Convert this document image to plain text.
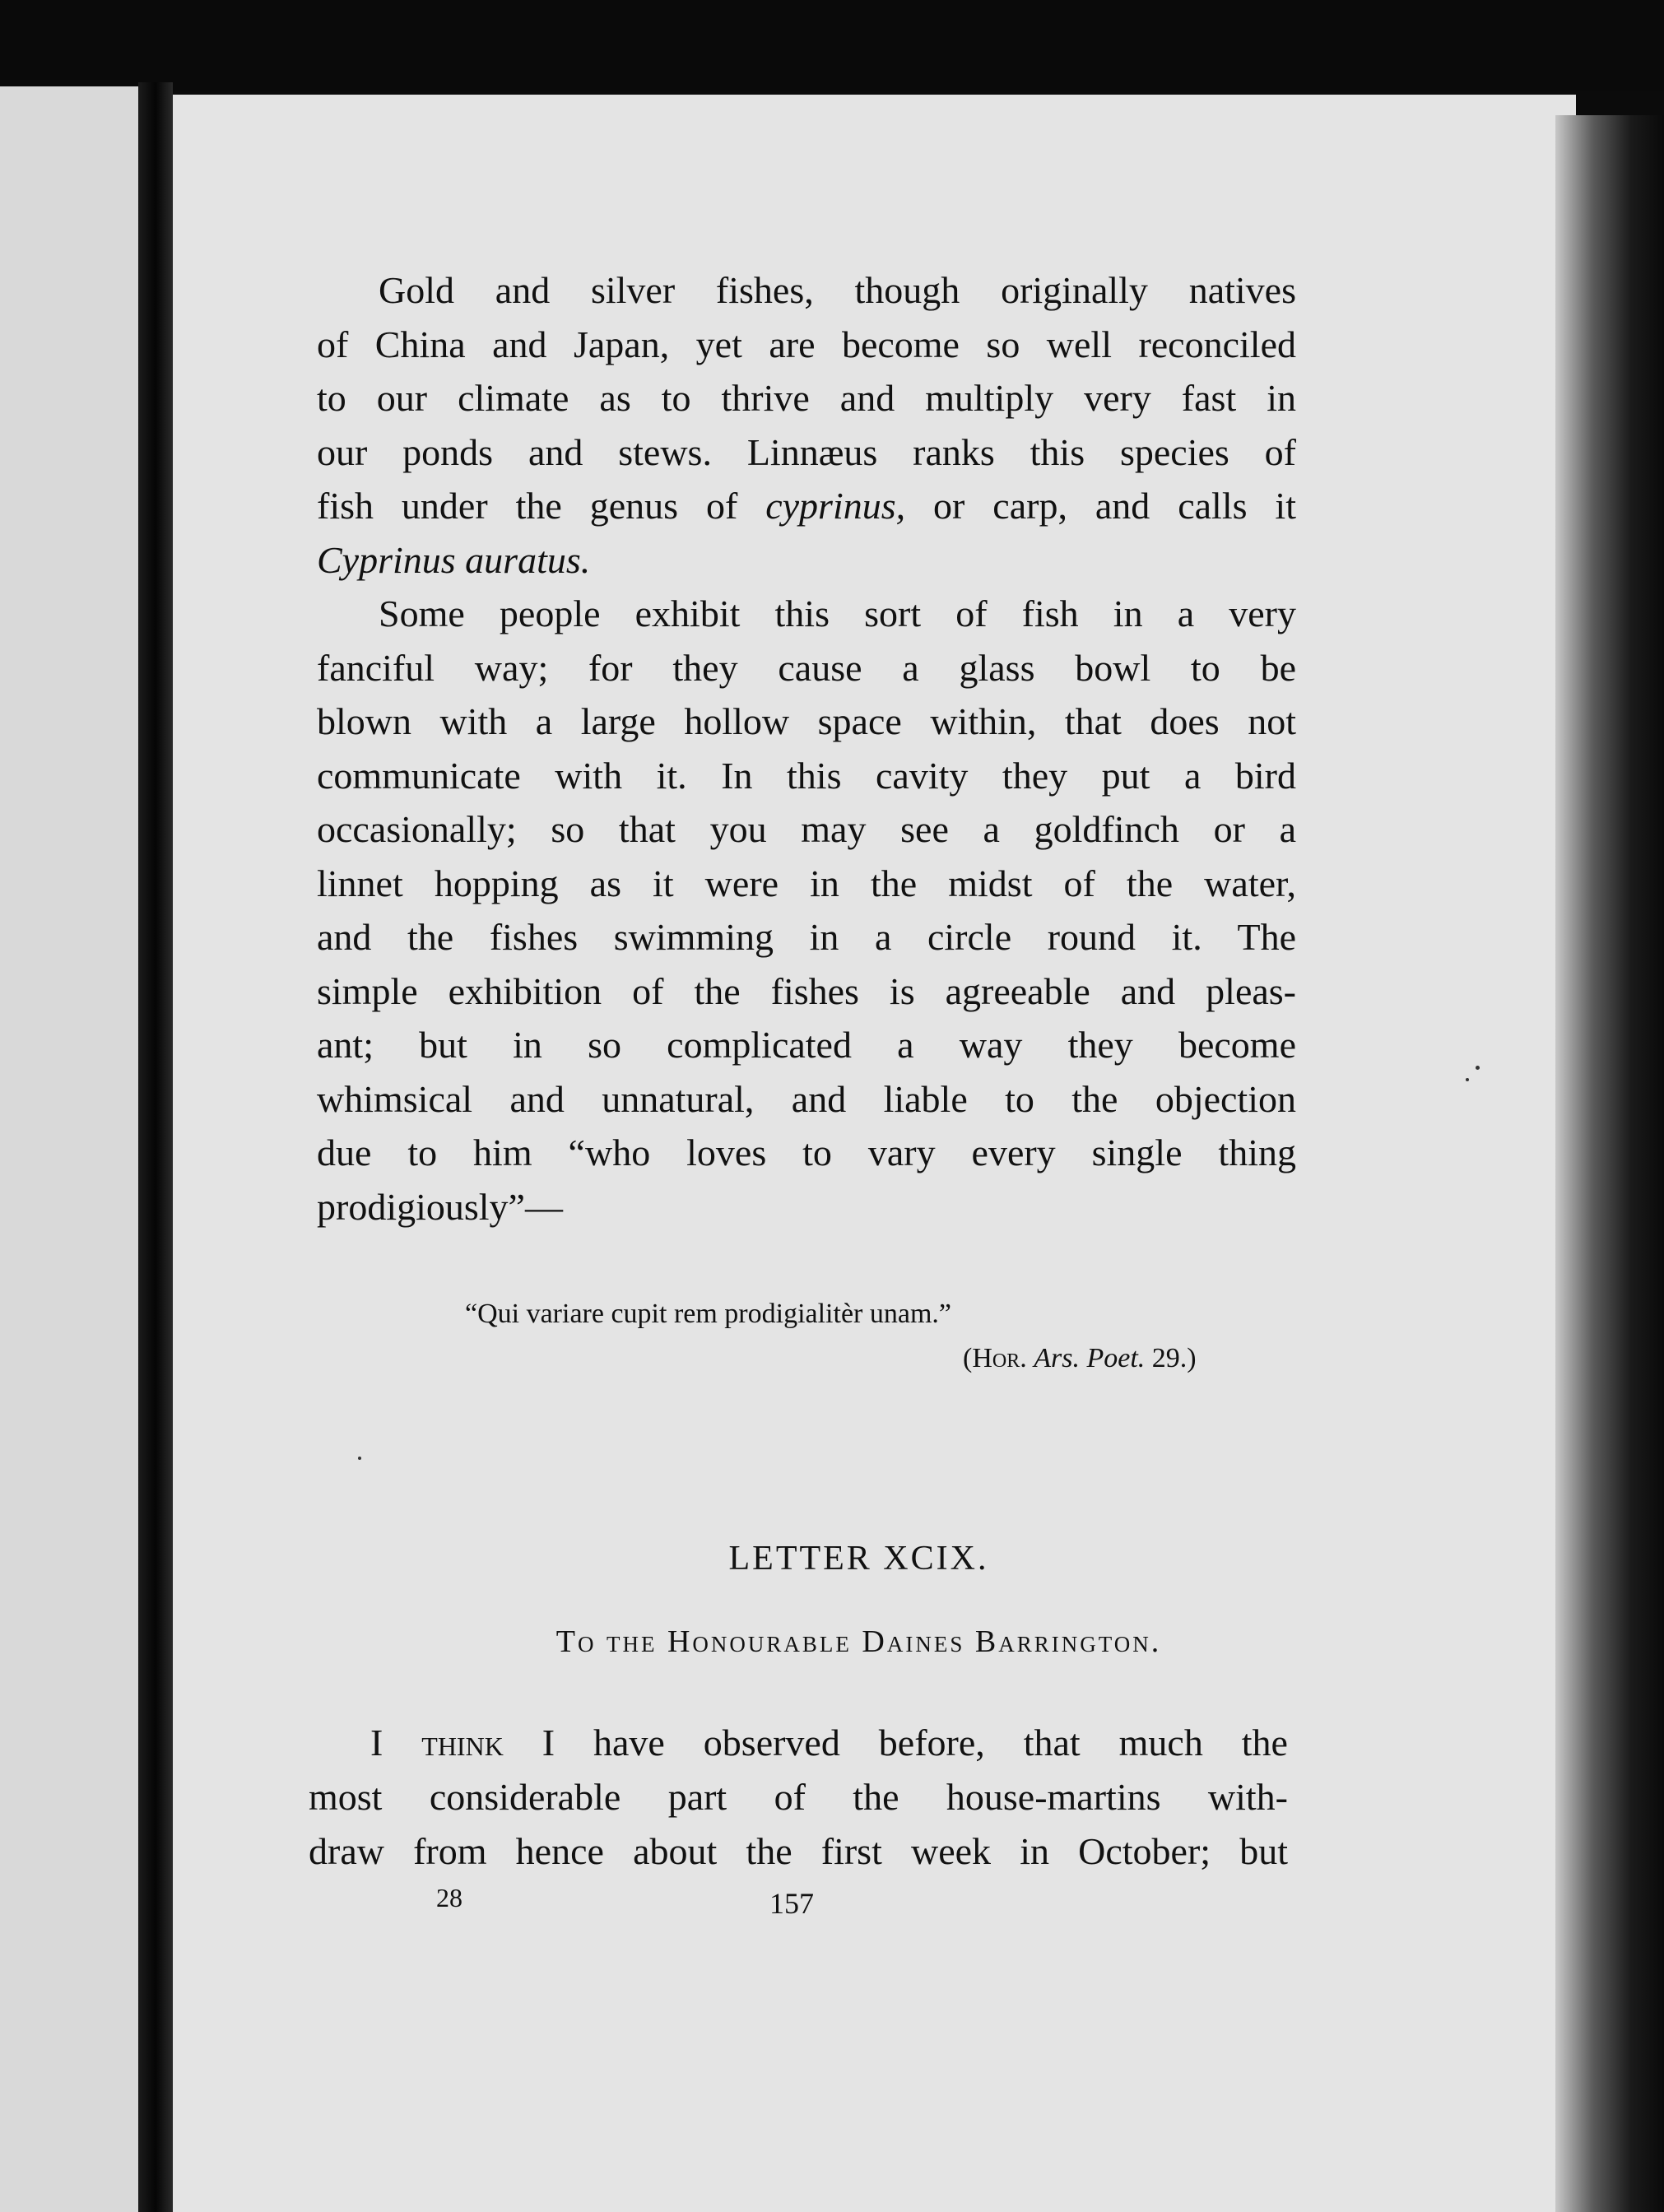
Gold and silver fishes, though originally natives
of China and Japan, yet are become so well reconciled
to our climate as to thrive and multiply very fast in
our ponds and stews. Linnæus ranks this species of
fish under the genus of cyprinus, or carp, and calls it
Cyprinus auratus.

Some people exhibit this sort of fish in a very
fanciful way; for they cause a glass bowl to be
blown with a large hollow space within, that does not
communicate with it. In this cavity they put a bird
occasionally; so that you may see a goldfinch or a
linnet hopping as it were in the midst of the water,
and the fishes swimming in a circle round it. The
simple exhibition of the fishes is agreeable and pleas-
ant; but in so complicated a way they become
whimsical and unnatural, and liable to the objection
due to him “who loves to vary every single thing
prodigiously”—

“Qui variare cupit rem prodigialitèr unam.”
(Hor. Ars. Poet. 29.)
LETTER XCIX.
To the Honourable Daines Barrington.

I think I have observed before, that much the
most considerable part of the house-martins with-
draw from hence about the first week in October; but

28	157
